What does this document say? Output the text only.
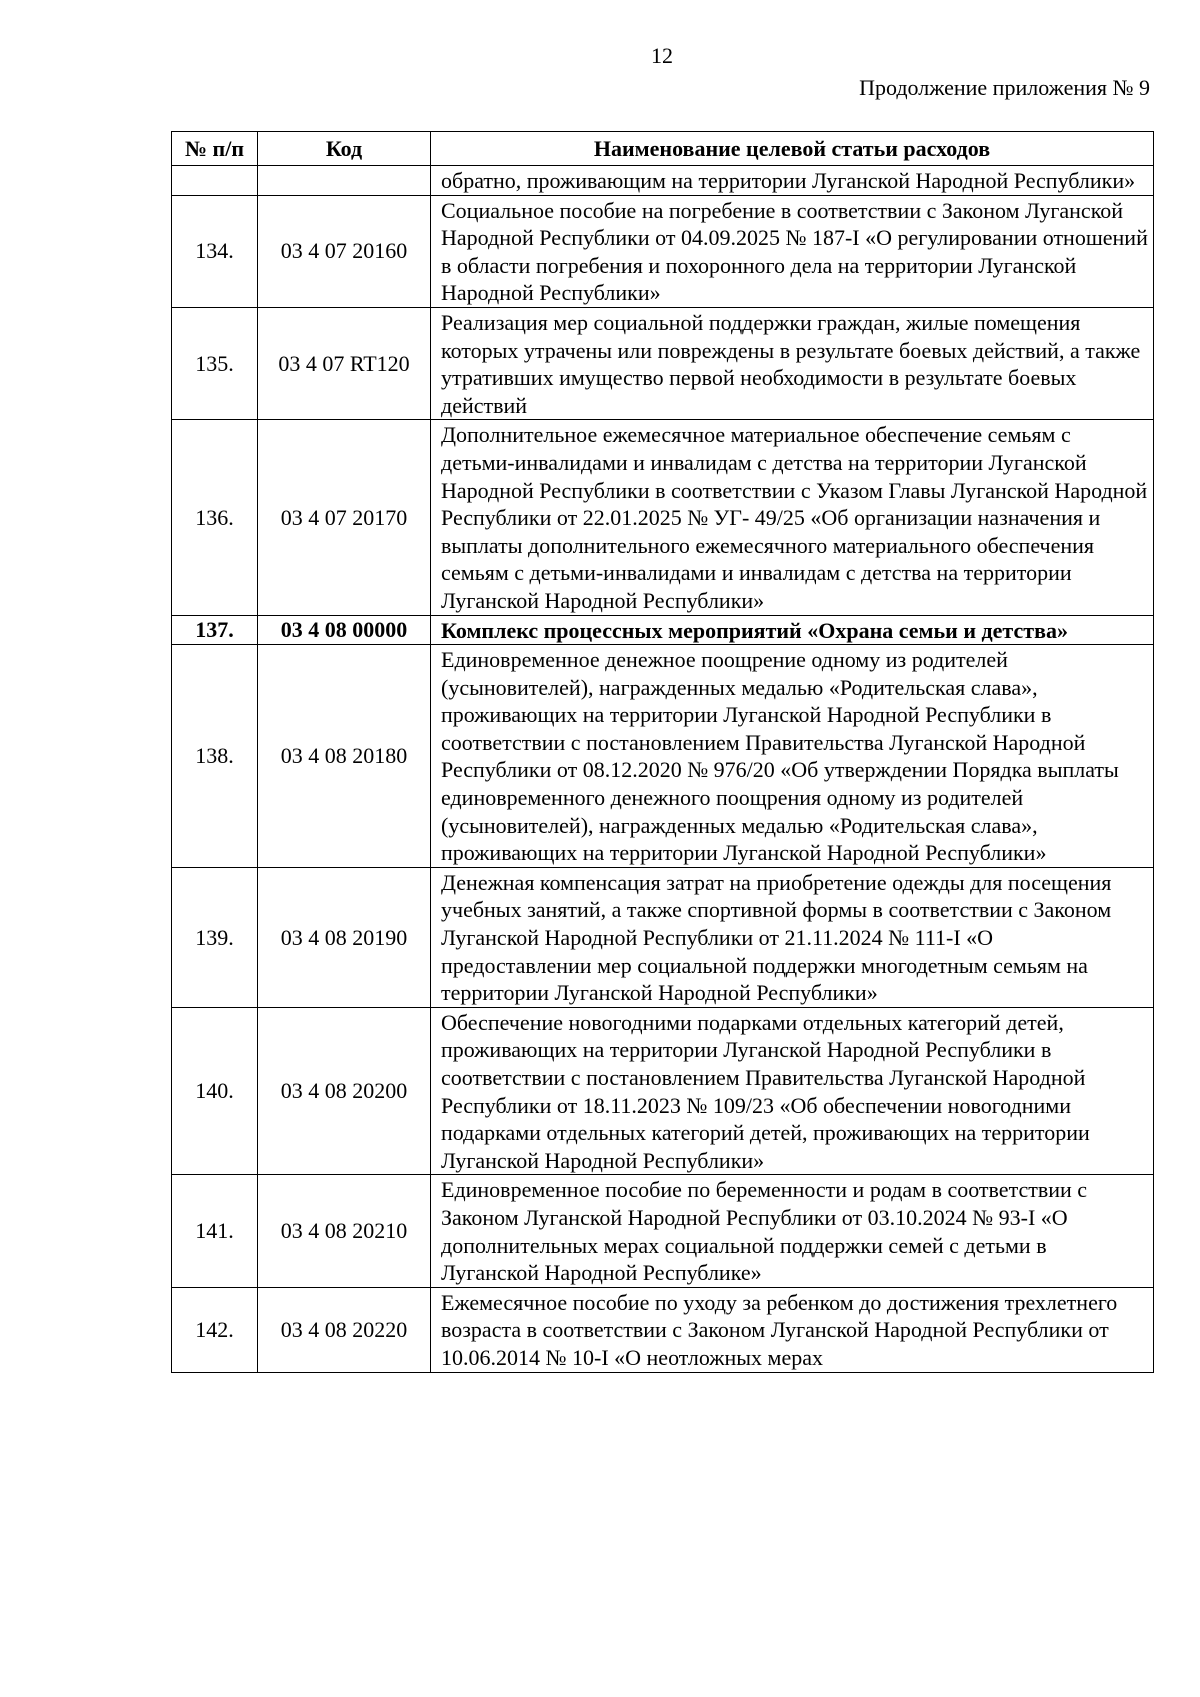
12
Продолжение приложения № 9
№ п/п	Код	Наименование целевой статьи расходов
		обратно, проживающим на территории Луганской Народной Республики»
134.	03 4 07 20160	Социальное пособие на погребение в соответствии с Законом Луганской Народной Республики от 04.09.2025 № 187-I «О регулировании отношений в области погребения и похоронного дела на территории Луганской Народной Республики»
135.	03 4 07 RT120	Реализация мер социальной поддержки граждан, жилые помещения которых утрачены или повреждены в результате боевых действий, а также утративших имущество первой необходимости в результате боевых действий
136.	03 4 07 20170	Дополнительное ежемесячное материальное обеспечение семьям с детьми-инвалидами и инвалидам с детства на территории Луганской Народной Республики в соответствии с Указом Главы Луганской Народной Республики от 22.01.2025 № УГ- 49/25 «Об организации назначения и выплаты дополнительного ежемесячного материального обеспечения семьям с детьми-инвалидами и инвалидам с детства на территории Луганской Народной Республики»
137.	03 4 08 00000	Комплекс процессных мероприятий «Охрана семьи и детства»
138.	03 4 08 20180	Единовременное денежное поощрение одному из родителей (усыновителей), награжденных медалью «Родительская слава», проживающих на территории Луганской Народной Республики в соответствии с постановлением Правительства Луганской Народной Республики от 08.12.2020 № 976/20 «Об утверждении Порядка выплаты единовременного денежного поощрения одному из родителей (усыновителей), награжденных медалью «Родительская слава», проживающих на территории Луганской Народной Республики»
139.	03 4 08 20190	Денежная компенсация затрат на приобретение одежды для посещения учебных занятий, а также спортивной формы в соответствии с Законом Луганской Народной Республики от 21.11.2024 № 111-I «О предоставлении мер социальной поддержки многодетным семьям на территории Луганской Народной Республики»
140.	03 4 08 20200	Обеспечение новогодними подарками отдельных категорий детей, проживающих на территории Луганской Народной Республики в соответствии с постановлением Правительства Луганской Народной Республики от 18.11.2023 № 109/23 «Об обеспечении новогодними подарками отдельных категорий детей, проживающих на территории Луганской Народной Республики»
141.	03 4 08 20210	Единовременное пособие по беременности и родам в соответствии с Законом Луганской Народной Республики от 03.10.2024 № 93-I «О дополнительных мерах социальной поддержки семей с детьми в Луганской Народной Республике»
142.	03 4 08 20220	Ежемесячное пособие по уходу за ребенком до достижения трехлетнего возраста в соответствии с Законом Луганской Народной Республики от 10.06.2014 № 10-I «О неотложных мерах
